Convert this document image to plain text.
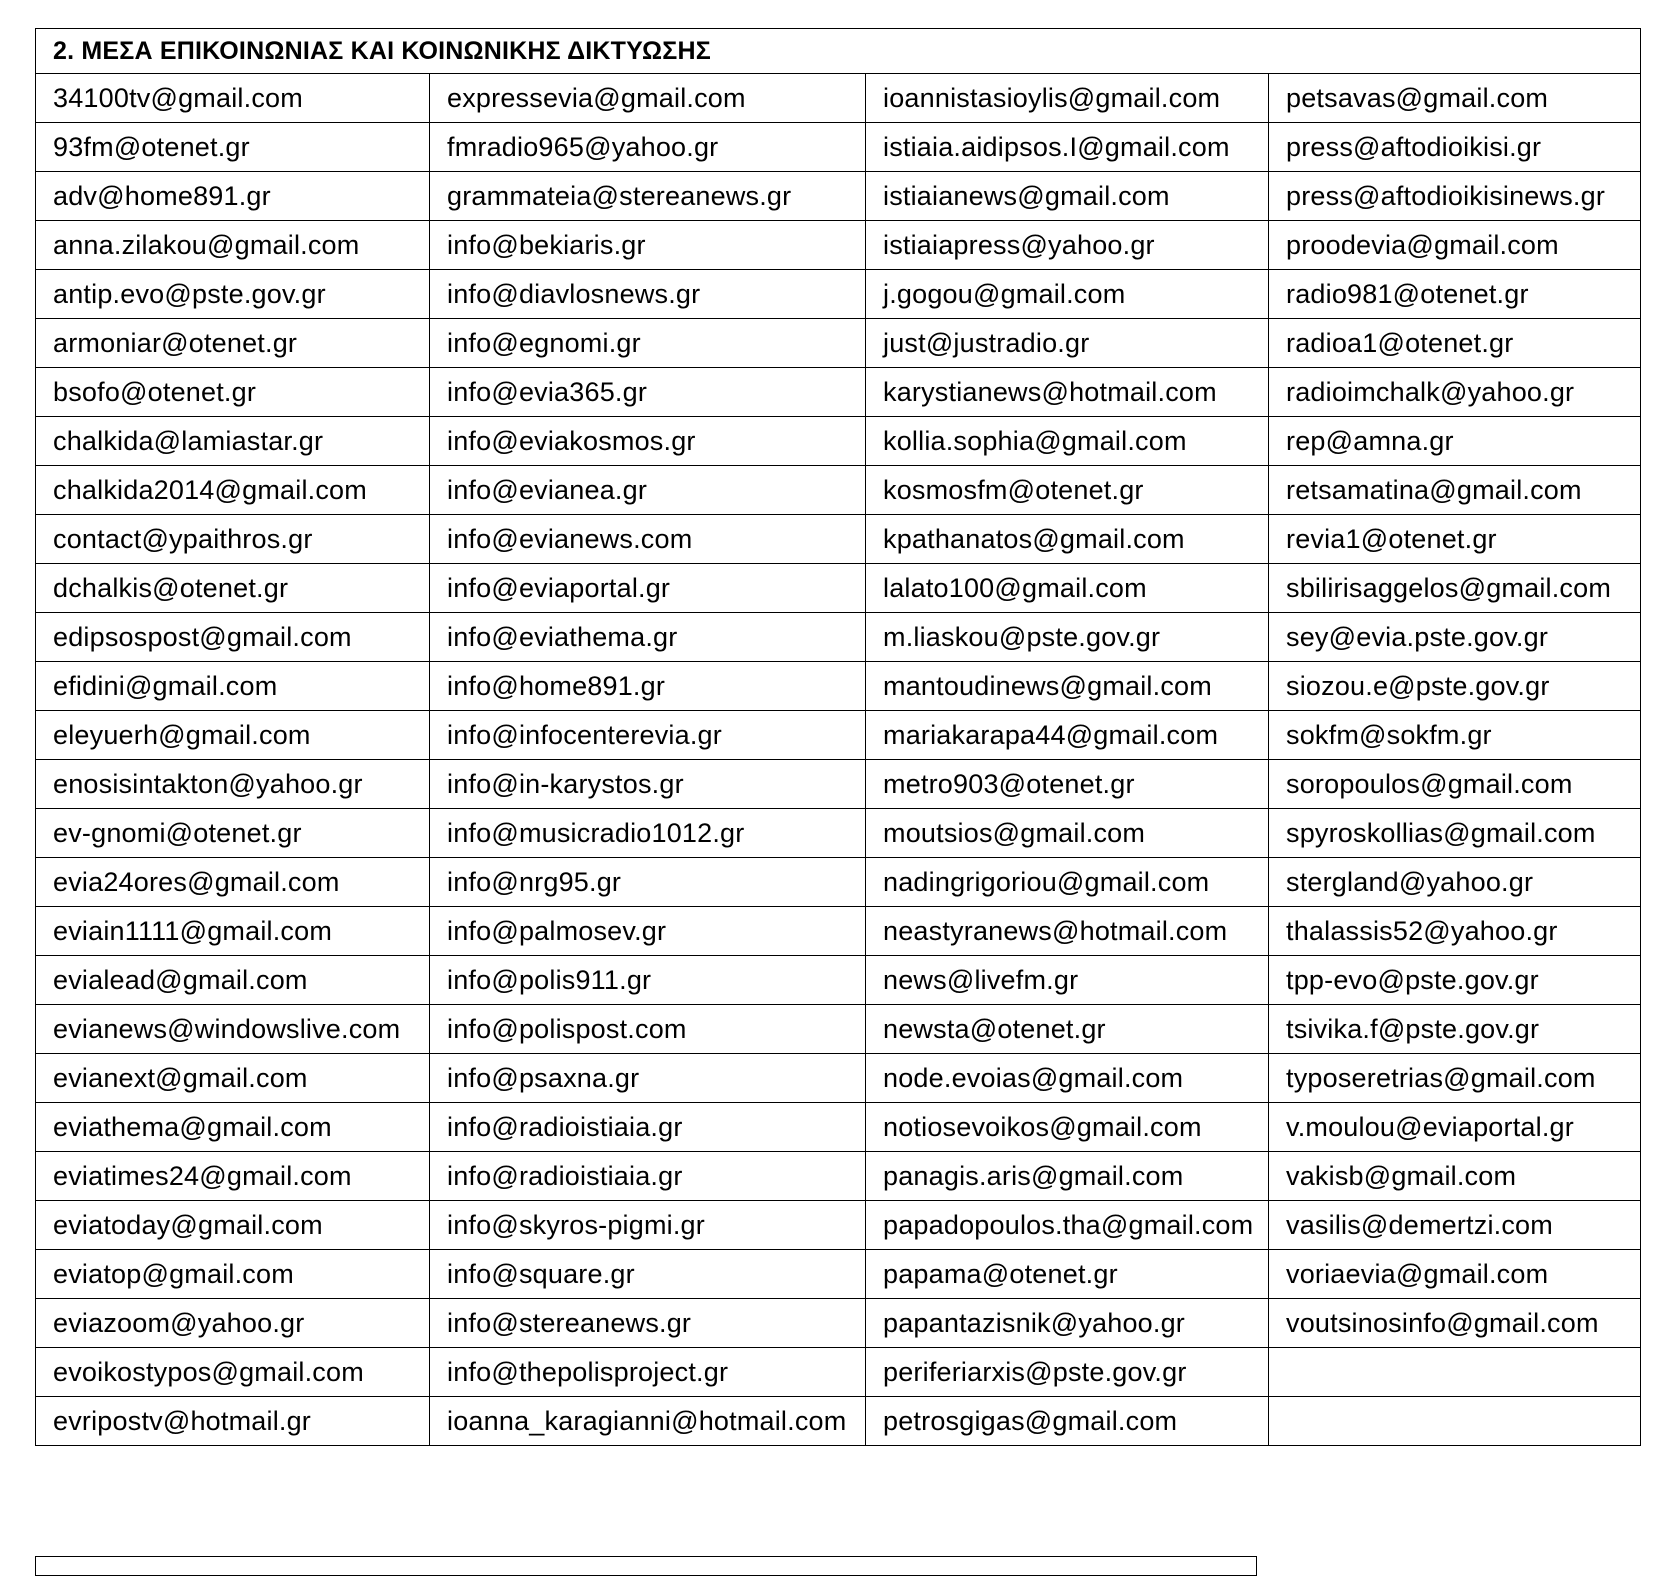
2. ΜΕΣΑ ΕΠΙΚΟΙΝΩΝΙΑΣ ΚΑΙ ΚΟΙΝΩΝΙΚΗΣ ΔΙΚΤΥΩΣΗΣ			
34100tv@gmail.com	expressevia@gmail.com	ioannistasioylis@gmail.com	petsavas@gmail.com
93fm@otenet.gr	fmradio965@yahoo.gr	istiaia.aidipsos.I@gmail.com	press@aftodioikisi.gr
adv@home891.gr	grammateia@stereanews.gr	istiaianews@gmail.com	press@aftodioikisinews.gr
anna.zilakou@gmail.com	info@bekiaris.gr	istiaiapress@yahoo.gr	proodevia@gmail.com
antip.evo@pste.gov.gr	info@diavlosnews.gr	j.gogou@gmail.com	radio981@otenet.gr
armoniar@otenet.gr	info@egnomi.gr	just@justradio.gr	radioa1@otenet.gr
bsofo@otenet.gr	info@evia365.gr	karystianews@hotmail.com	radioimchalk@yahoo.gr
chalkida@lamiastar.gr	info@eviakosmos.gr	kollia.sophia@gmail.com	rep@amna.gr
chalkida2014@gmail.com	info@evianea.gr	kosmosfm@otenet.gr	retsamatina@gmail.com
contact@ypaithros.gr	info@evianews.com	kpathanatos@gmail.com	revia1@otenet.gr
dchalkis@otenet.gr	info@eviaportal.gr	lalato100@gmail.com	sbilirisaggelos@gmail.com
edipsospost@gmail.com	info@eviathema.gr	m.liaskou@pste.gov.gr	sey@evia.pste.gov.gr
efidini@gmail.com	info@home891.gr	mantoudinews@gmail.com	siozou.e@pste.gov.gr
eleyuerh@gmail.com	info@infocenterevia.gr	mariakarapa44@gmail.com	sokfm@sokfm.gr
enosisintakton@yahoo.gr	info@in-karystos.gr	metro903@otenet.gr	soropoulos@gmail.com
ev-gnomi@otenet.gr	info@musicradio1012.gr	moutsios@gmail.com	spyroskollias@gmail.com
evia24ores@gmail.com	info@nrg95.gr	nadingrigoriou@gmail.com	stergland@yahoo.gr
eviain1111@gmail.com	info@palmosev.gr	neastyranews@hotmail.com	thalassis52@yahoo.gr
evialead@gmail.com	info@polis911.gr	news@livefm.gr	tpp-evo@pste.gov.gr
evianews@windowslive.com	info@polispost.com	newsta@otenet.gr	tsivika.f@pste.gov.gr
evianext@gmail.com	info@psaxna.gr	node.evoias@gmail.com	typoseretrias@gmail.com
eviathema@gmail.com	info@radioistiaia.gr	notiosevoikos@gmail.com	v.moulou@eviaportal.gr
eviatimes24@gmail.com	info@radioistiaia.gr	panagis.aris@gmail.com	vakisb@gmail.com
eviatoday@gmail.com	info@skyros-pigmi.gr	papadopoulos.tha@gmail.com	vasilis@demertzi.com
eviatop@gmail.com	info@square.gr	papama@otenet.gr	voriaevia@gmail.com
eviazoom@yahoo.gr	info@stereanews.gr	papantazisnik@yahoo.gr	voutsinosinfo@gmail.com
evoikostypos@gmail.com	info@thepolisproject.gr	periferiarxis@pste.gov.gr	
evripostv@hotmail.gr	ioanna_karagianni@hotmail.com	petrosgigas@gmail.com	
